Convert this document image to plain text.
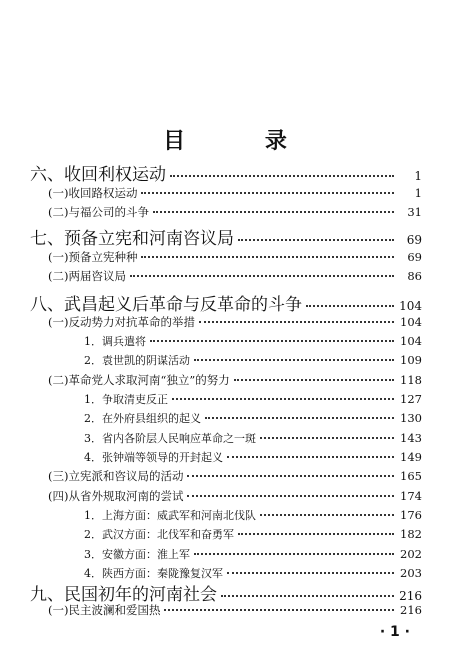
目 录
六、收回利权运动	1
(一)收回路权运动	1
(二)与福公司的斗争	31
七、预备立宪和河南咨议局	69
(一)预备立宪种种	69
(二)两届咨议局	86
八、武昌起义后革命与反革命的斗争	104
(一)反动势力对抗革命的举措	104
1．调兵遣将	104
2．袁世凯的阴谋活动	109
(二)革命党人求取河南“独立”的努力	118
1．争取清吏反正	127
2．在外府县组织的起义	130
3．省内各阶层人民响应革命之一斑	143
4．张钟端等领导的开封起义	149
(三)立宪派和咨议局的活动	165
(四)从省外规取河南的尝试	174
1．上海方面：威武军和河南北伐队	176
2．武汉方面：北伐军和奋勇军	182
3．安徽方面：淮上军	202
4．陕西方面：秦陇豫复汉军	203
九、民国初年的河南社会	216
(一)民主波澜和爱国热	216
· 1 ·
